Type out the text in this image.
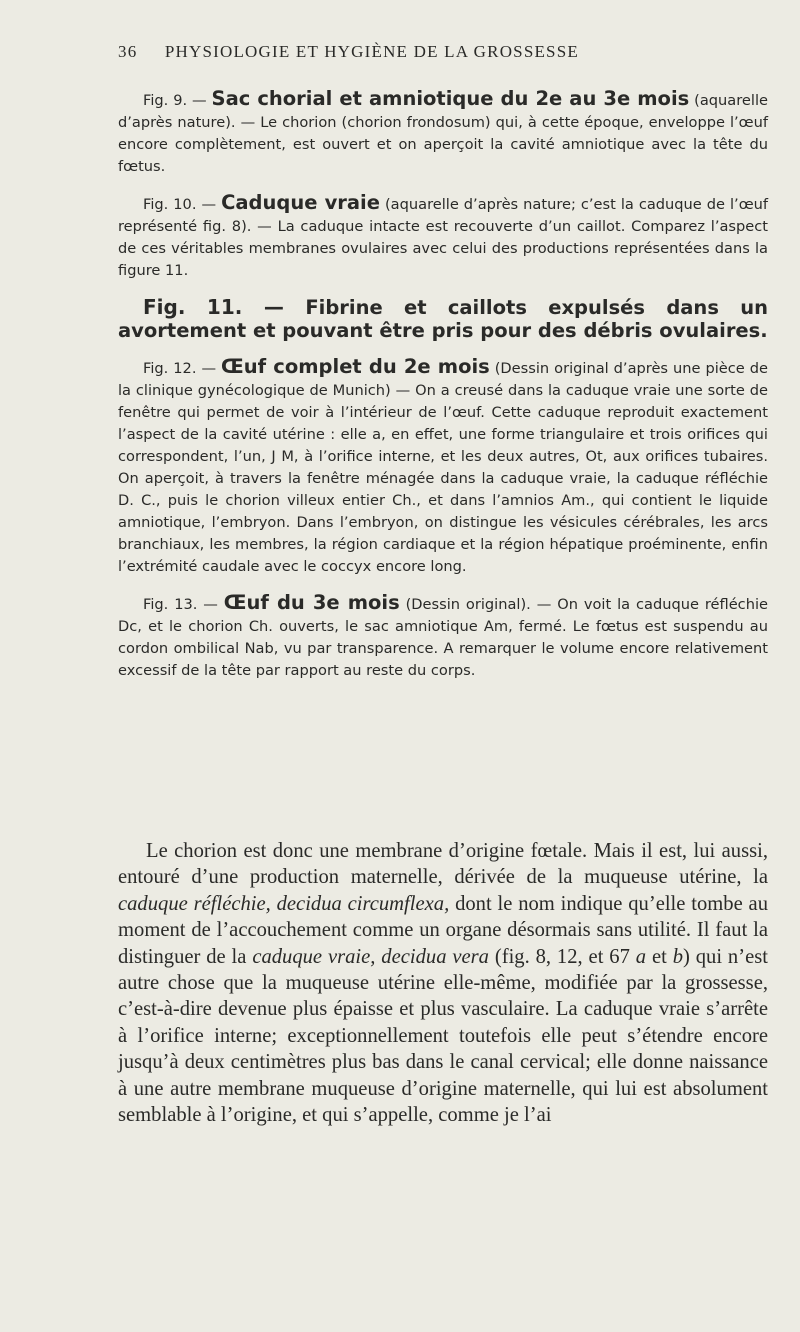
36 PHYSIOLOGIE ET HYGIÈNE DE LA GROSSESSE

Fig. 9. — Sac chorial et amniotique du 2e au 3e mois (aquarelle d’après nature). — Le chorion (chorion frondosum) qui, à cette époque, enveloppe l’œuf encore complètement, est ouvert et on aperçoit la cavité amniotique avec la tête du fœtus.

Fig. 10. — Caduque vraie (aquarelle d’après nature; c’est la caduque de l’œuf représenté fig. 8). — La caduque intacte est recouverte d’un caillot. Comparez l’aspect de ces véritables membranes ovulaires avec celui des productions représentées dans la figure 11.

Fig. 11. — Fibrine et caillots expulsés dans un avortement et pouvant être pris pour des débris ovulaires.

Fig. 12. — Œuf complet du 2e mois (Dessin original d’après une pièce de la clinique gynécologique de Munich) — On a creusé dans la caduque vraie une sorte de fenêtre qui permet de voir à l’intérieur de l’œuf. Cette caduque reproduit exactement l’aspect de la cavité utérine : elle a, en effet, une forme triangulaire et trois orifices qui correspondent, l’un, J M, à l’orifice interne, et les deux autres, Ot, aux orifices tubaires. On aperçoit, à travers la fenêtre ménagée dans la caduque vraie, la caduque réfléchie D. C., puis le chorion villeux entier Ch., et dans l’amnios Am., qui contient le liquide amniotique, l’embryon. Dans l’embryon, on distingue les vésicules cérébrales, les arcs branchiaux, les membres, la région cardiaque et la région hépatique proéminente, enfin l’extrémité caudale avec le coccyx encore long.

Fig. 13. — Œuf du 3e mois (Dessin original). — On voit la caduque réfléchie Dc, et le chorion Ch. ouverts, le sac amniotique Am, fermé. Le fœtus est suspendu au cordon ombilical Nab, vu par transparence. A remarquer le volume encore relativement excessif de la tête par rapport au reste du corps.

Le chorion est donc une membrane d’origine fœtale. Mais il est, lui aussi, entouré d’une production maternelle, dérivée de la muqueuse utérine, la caduque réfléchie, decidua circumflexa, dont le nom indique qu’elle tombe au moment de l’accouchement comme un organe désormais sans utilité. Il faut la distinguer de la caduque vraie, decidua vera (fig. 8, 12, et 67 a et b) qui n’est autre chose que la muqueuse utérine elle-même, modifiée par la grossesse, c’est-à-dire devenue plus épaisse et plus vasculaire. La caduque vraie s’arrête à l’orifice interne; exceptionnellement toutefois elle peut s’étendre encore jusqu’à deux centimètres plus bas dans le canal cervical; elle donne naissance à une autre membrane muqueuse d’origine maternelle, qui lui est absolument semblable à l’origine, et qui s’appelle, comme je l’ai
